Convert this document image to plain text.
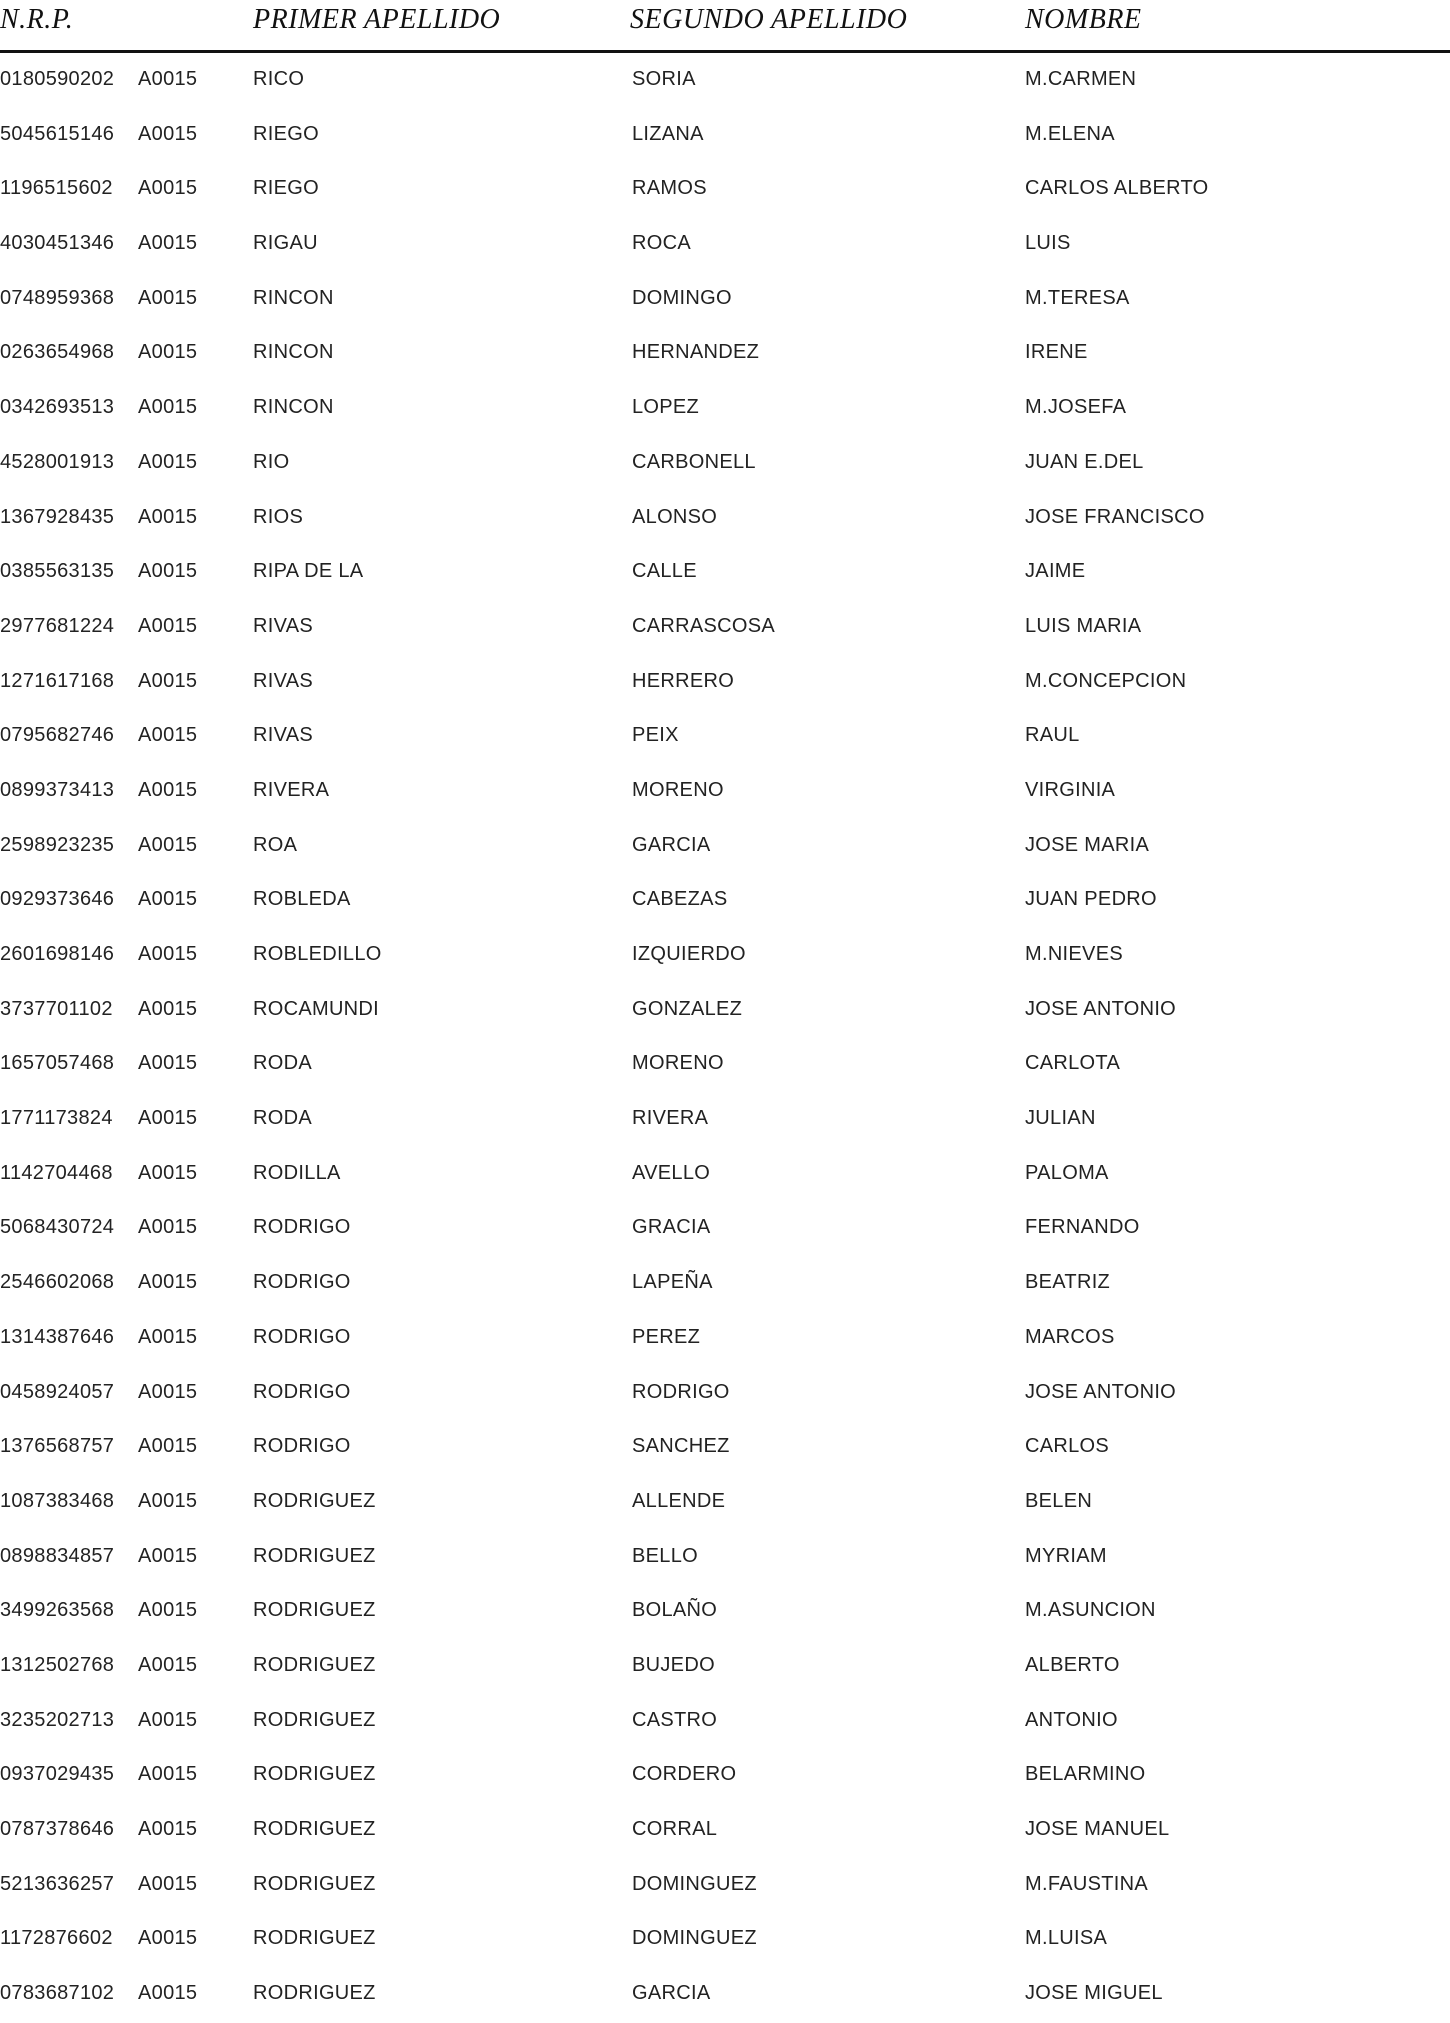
N.R.P.	PRIMER APELLIDO	SEGUNDO APELLIDO	NOMBRE
0180590202 A0015	RICO	SORIA	M.CARMEN
5045615146 A0015	RIEGO	LIZANA	M.ELENA
1196515602 A0015	RIEGO	RAMOS	CARLOS ALBERTO
4030451346 A0015	RIGAU	ROCA	LUIS
0748959368 A0015	RINCON	DOMINGO	M.TERESA
0263654968 A0015	RINCON	HERNANDEZ	IRENE
0342693513 A0015	RINCON	LOPEZ	M.JOSEFA
4528001913 A0015	RIO	CARBONELL	JUAN E.DEL
1367928435 A0015	RIOS	ALONSO	JOSE FRANCISCO
0385563135 A0015	RIPA DE LA	CALLE	JAIME
2977681224 A0015	RIVAS	CARRASCOSA	LUIS MARIA
1271617168 A0015	RIVAS	HERRERO	M.CONCEPCION
0795682746 A0015	RIVAS	PEIX	RAUL
0899373413 A0015	RIVERA	MORENO	VIRGINIA
2598923235 A0015	ROA	GARCIA	JOSE MARIA
0929373646 A0015	ROBLEDA	CABEZAS	JUAN PEDRO
2601698146 A0015	ROBLEDILLO	IZQUIERDO	M.NIEVES
3737701102 A0015	ROCAMUNDI	GONZALEZ	JOSE ANTONIO
1657057468 A0015	RODA	MORENO	CARLOTA
1771173824 A0015	RODA	RIVERA	JULIAN
1142704468 A0015	RODILLA	AVELLO	PALOMA
5068430724 A0015	RODRIGO	GRACIA	FERNANDO
2546602068 A0015	RODRIGO	LAPEÑA	BEATRIZ
1314387646 A0015	RODRIGO	PEREZ	MARCOS
0458924057 A0015	RODRIGO	RODRIGO	JOSE ANTONIO
1376568757 A0015	RODRIGO	SANCHEZ	CARLOS
1087383468 A0015	RODRIGUEZ	ALLENDE	BELEN
0898834857 A0015	RODRIGUEZ	BELLO	MYRIAM
3499263568 A0015	RODRIGUEZ	BOLAÑO	M.ASUNCION
1312502768 A0015	RODRIGUEZ	BUJEDO	ALBERTO
3235202713 A0015	RODRIGUEZ	CASTRO	ANTONIO
0937029435 A0015	RODRIGUEZ	CORDERO	BELARMINO
0787378646 A0015	RODRIGUEZ	CORRAL	JOSE MANUEL
5213636257 A0015	RODRIGUEZ	DOMINGUEZ	M.FAUSTINA
1172876602 A0015	RODRIGUEZ	DOMINGUEZ	M.LUISA
0783687102 A0015	RODRIGUEZ	GARCIA	JOSE MIGUEL
